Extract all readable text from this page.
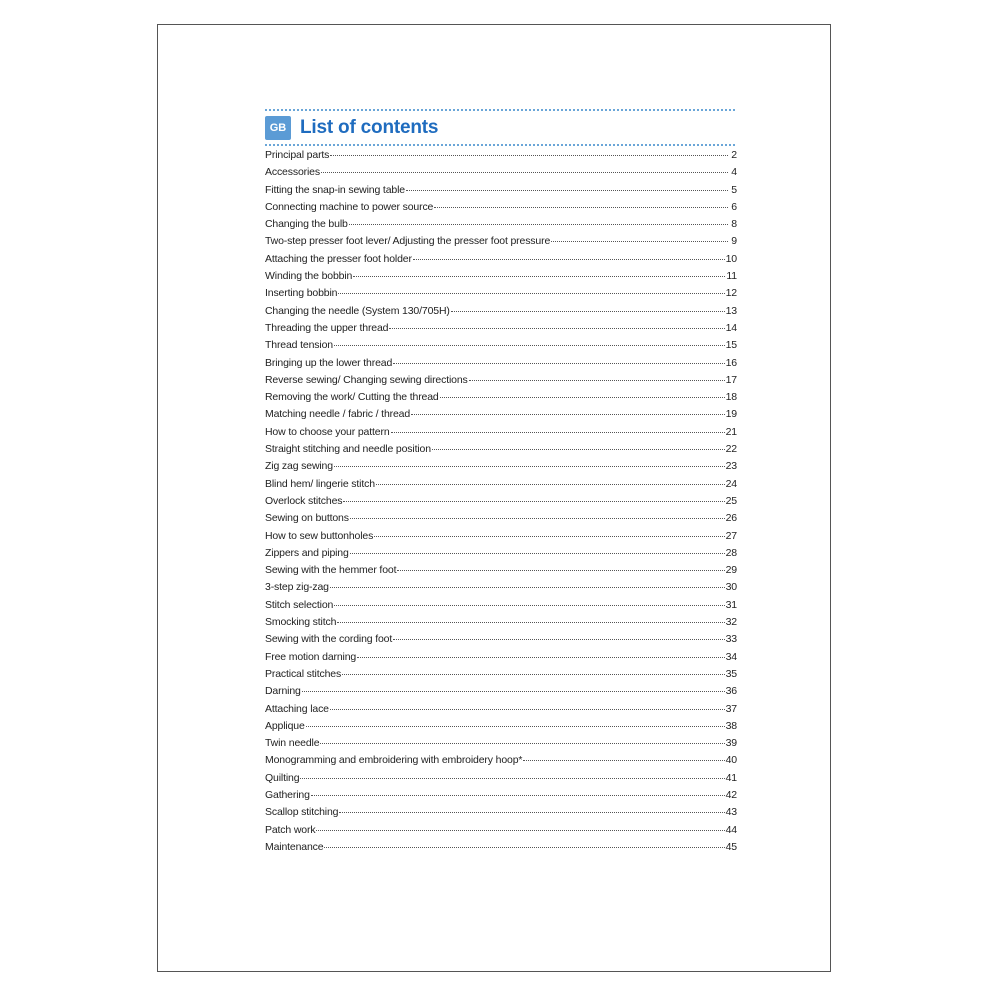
GB List of contents
Principal parts	2
Accessories	4
Fitting the snap-in sewing table	5
Connecting machine to power source	6
Changing the bulb	8
Two-step presser foot lever/ Adjusting the presser foot pressure	9
Attaching the presser foot holder	10
Winding the bobbin	11
Inserting bobbin	12
Changing the needle (System 130/705H)	13
Threading the upper thread	14
Thread tension	15
Bringing up the lower thread	16
Reverse sewing/ Changing sewing directions	17
Removing the work/ Cutting the thread	18
Matching needle / fabric / thread	19
How to choose your pattern	21
Straight stitching and needle position	22
Zig zag sewing	23
Blind hem/ lingerie stitch	24
Overlock stitches	25
Sewing on buttons	26
How to sew buttonholes	27
Zippers and piping	28
Sewing with the hemmer foot	29
3-step zig-zag	30
Stitch selection	31
Smocking stitch	32
Sewing with the cording foot	33
Free motion darning	34
Practical stitches	35
Darning	36
Attaching lace	37
Applique	38
Twin needle	39
Monogramming and embroidering with embroidery hoop*	40
Quilting	41
Gathering	42
Scallop stitching	43
Patch work	44
Maintenance	45
